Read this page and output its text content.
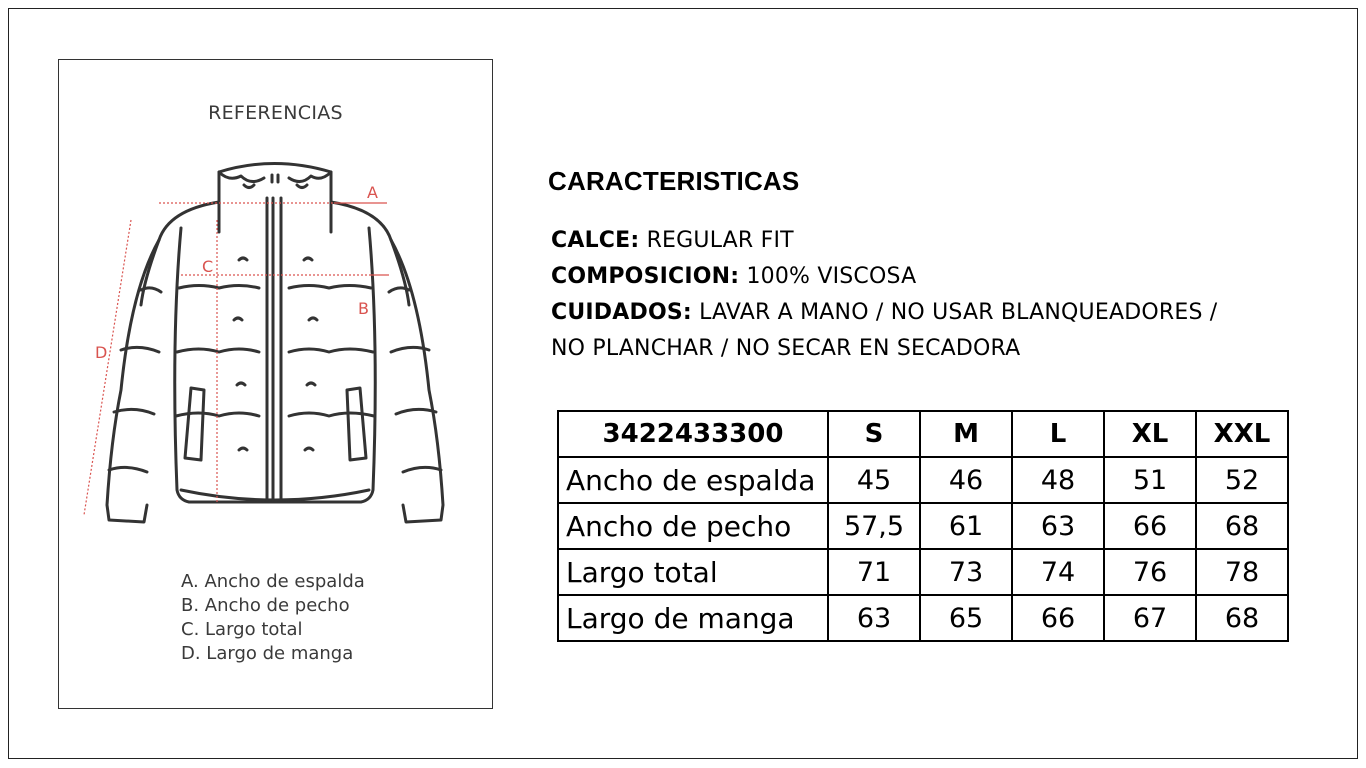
REFERENCIAS
A
B
C
D
A. Ancho de espalda
B. Ancho de pecho
C. Largo total
D. Largo de manga
CARACTERISTICAS
CALCE: REGULAR FIT
COMPOSICION: 100% VISCOSA
CUIDADOS: LAVAR A MANO / NO USAR BLANQUEADORES /
NO PLANCHAR / NO SECAR EN SECADORA
3422433300	S	M	L	XL	XXL
Ancho de espalda	45	46	48	51	52
Ancho de pecho	57,5	61	63	66	68
Largo total	71	73	74	76	78
Largo de manga	63	65	66	67	68
